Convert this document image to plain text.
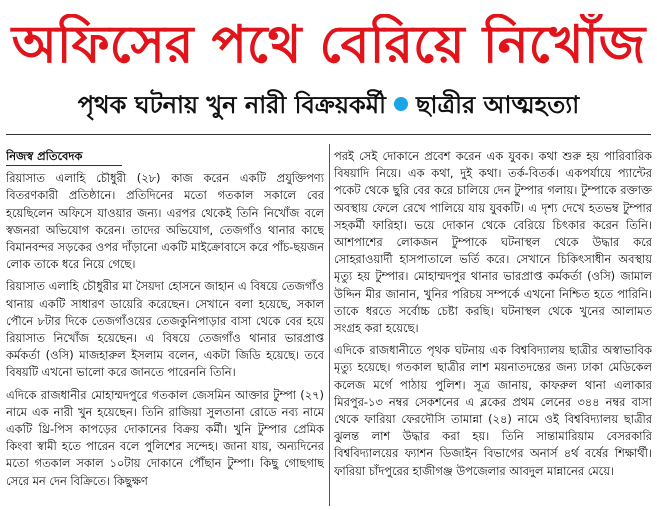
অফিসের পথে বেরিয়ে নিখোঁজ
পৃথক ঘটনায় খুন নারী বিক্রয়কর্মী ছাত্রীর আত্মহত্যা
নিজস্ব প্রতিবেদক

রিয়াসাত এলাহি চৌধুরী (২৮) কাজ করেন একটি প্রযুক্তিপণ্য বিতরণকারী প্রতিষ্ঠানে। প্রতিদিনের মতো গতকাল সকালে বের হয়েছিলেন অফিসে যাওয়ার জন্য। এরপর থেকেই তিনি নিখোঁজ বলে স্বজনরা অভিযোগ করেন। তাদের অভিযোগ, তেজগাঁও থানার কাছে বিমানবন্দর সড়কের ওপর দাঁড়ানো একটি মাইক্রোবাসে করে পাঁচ-ছয়জন লোক তাকে ধরে নিয়ে গেছে।

রিয়াসাত এলাহি চৌধুরীর মা সৈয়দা হোসনে জাহান এ বিষয়ে তেজগাঁও থানায় একটি সাধারণ ডায়েরি করেছেন। সেখানে বলা হয়েছে, সকাল পৌনে ৮টার দিকে তেজগাঁওয়ের তেজকুনিপাড়ার বাসা থেকে বের হয়ে রিয়াসাত নিখোঁজ হয়েছেন। এ বিষয়ে তেজগাঁও থানার ভারপ্রাপ্ত কর্মকর্তা (ওসি) মাজহারুল ইসলাম বলেন, একটা জিডি হয়েছে। তবে বিষয়টি এখনো ভালো করে জানতে পারেননি তিনি।

এদিকে রাজধানীর মোহাম্মদপুরে গতকাল জেসমিন আক্তার টুম্পা (২৭) নামে এক নারী খুন হয়েছেন। তিনি রাজিয়া সুলতানা রোডে নব্য নামে একটি থ্রি-পিস কাপড়ের দোকানের বিক্রয় কর্মী। খুনি টুম্পার প্রেমিক কিংবা স্বামী হতে পারেন বলে পুলিশের সন্দেহ। জানা যায়, অন্যদিনের মতো গতকাল সকাল ১০টায় দোকানে পৌঁছান টুম্পা। কিছু গোছগাছ সেরে মন দেন বিক্রিতে। কিছুক্ষণ

পরই সেই দোকানে প্রবেশ করেন এক যুবক। কথা শুরু হয় পারিবারিক বিষয়াদি নিয়ে। এক কথা, দুই কথা। তর্ক-বিতর্ক। একপর্যায়ে প্যান্টের পকেট থেকে ছুরি বের করে চালিয়ে দেন টুম্পার গলায়। টুম্পাকে রক্তাক্ত অবস্থায় ফেলে রেখে পালিয়ে যায় যুবকটি। এ দৃশ্য দেখে হতভম্ব টুম্পার সহকর্মী ফারিহা। ভয়ে দোকান থেকে বেরিয়ে চিৎকার করেন তিনি। আশপাশের লোকজন টুম্পাকে ঘটনাস্থল থেকে উদ্ধার করে সোহরাওয়ার্দী হাসপাতালে ভর্তি করে। সেখানে চিকিৎসাধীন অবস্থায় মৃত্যু হয় টুম্পার। মোহাম্মদপুর থানার ভারপ্রাপ্ত কর্মকর্তা (ওসি) জামাল উদ্দিন মীর জানান, খুনির পরিচয় সম্পর্কে এখনো নিশ্চিত হতে পারিনি। তাকে ধরতে সর্বোচ্চ চেষ্টা করছি। ঘটনাস্থল থেকে খুনের আলামত সংগ্রহ করা হয়েছে।

এদিকে রাজধানীতে পৃথক ঘটনায় এক বিশ্ববিদ্যালয় ছাত্রীর অস্বাভাবিক মৃত্যু হয়েছে। গতকাল ছাত্রীর লাশ ময়নাতদন্তের জন্য ঢাকা মেডিকেল কলেজ মর্গে পাঠায় পুলিশ। সূত্র জানায়, কাফরুল থানা এলাকার মিরপুর-১৩ নম্বর সেকশনের এ ব্লকের প্রথম লেনের ৩৪৪ নম্বর বাসা থেকে ফারিয়া ফেরদৌসি তামান্না (২৪) নামে ওই বিশ্ববিদ্যালয় ছাত্রীর ঝুলন্ত লাশ উদ্ধার করা হয়। তিনি সান্তামারিয়াম বেসরকারি বিশ্ববিদ্যালয়ের ফ্যাশন ডিজাইন বিভাগের অনার্স ৪র্থ বর্ষের শিক্ষার্থী। ফারিয়া চাঁদপুরের হাজীগঞ্জ উপজেলার আবদুল মান্নানের মেয়ে।
